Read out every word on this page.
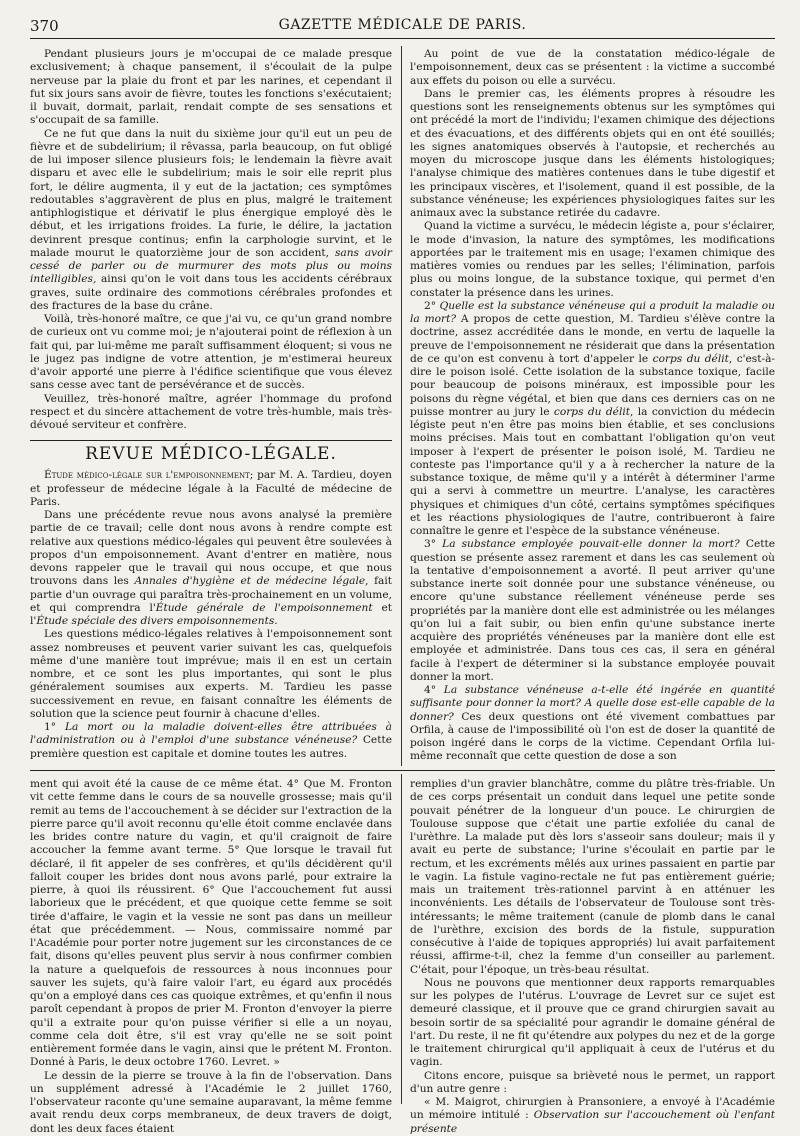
370	GAZETTE MÉDICALE DE PARIS.

Pendant plusieurs jours je m'occupai de ce malade presque exclusivement; à chaque pansement, il s'écoulait de la pulpe nerveuse par la plaie du front et par les narines, et cependant il fut six jours sans avoir de fièvre, toutes les fonctions s'exécutaient; il buvait, dormait, parlait, rendait compte de ses sensations et s'occupait de sa famille.

Ce ne fut que dans la nuit du sixième jour qu'il eut un peu de fièvre et de subdelirium; il rêvassa, parla beaucoup, on fut obligé de lui imposer silence plusieurs fois; le lendemain la fièvre avait disparu et avec elle le subdelirium; mais le soir elle reprit plus fort, le délire augmenta, il y eut de la jactation; ces symptômes redoutables s'aggravèrent de plus en plus, malgré le traitement antiphlogistique et dérivatif le plus énergique employé dès le début, et les irrigations froides. La furie, le délire, la jactation devinrent presque continus; enfin la carphologie survint, et le malade mourut le quatorzième jour de son accident, sans avoir cessé de parler ou de murmurer des mots plus ou moins intelligibles, ainsi qu'on le voit dans tous les accidents cérébraux graves, suite ordinaire des commotions cérébrales profondes et des fractures de la base du crâne.

Voilà, très-honoré maître, ce que j'ai vu, ce qu'un grand nombre de curieux ont vu comme moi; je n'ajouterai point de réflexion à un fait qui, par lui-même me paraît suffisamment éloquent; si vous ne le jugez pas indigne de votre attention, je m'estimerai heureux d'avoir apporté une pierre à l'édifice scientifique que vous élevez sans cesse avec tant de persévérance et de succès.

Veuillez, très-honoré maître, agréer l'hommage du profond respect et du sincère attachement de votre très-humble, mais très-dévoué serviteur et confrère.

REVUE MÉDICO-LÉGALE.

Étude médico-légale sur l'empoisonnement; par M. A. Tardieu, doyen et professeur de médecine légale à la Faculté de médecine de Paris.

Dans une précédente revue nous avons analysé la première partie de ce travail; celle dont nous avons à rendre compte est relative aux questions médico-légales qui peuvent être soulevées à propos d'un empoisonnement. Avant d'entrer en matière, nous devons rappeler que le travail qui nous occupe, et que nous trouvons dans les Annales d'hygiène et de médecine légale, fait partie d'un ouvrage qui paraîtra très-prochainement en un volume, et qui comprendra l'Étude générale de l'empoisonnement et l'Étude spéciale des divers empoisonnements.

Les questions médico-légales relatives à l'empoisonnement sont assez nombreuses et peuvent varier suivant les cas, quelquefois même d'une manière tout imprévue; mais il en est un certain nombre, et ce sont les plus importantes, qui sont le plus généralement soumises aux experts. M. Tardieu les passe successivement en revue, en faisant connaître les éléments de solution que la science peut fournir à chacune d'elles.

1° La mort ou la maladie doivent-elles être attribuées à l'administration ou à l'emploi d'une substance vénéneuse? Cette première question est capitale et domine toutes les autres.

Au point de vue de la constatation médico-légale de l'empoisonnement, deux cas se présentent : la victime a succombé aux effets du poison ou elle a survécu.

Dans le premier cas, les éléments propres à résoudre les questions sont les renseignements obtenus sur les symptômes qui ont précédé la mort de l'individu; l'examen chimique des déjections et des évacuations, et des différents objets qui en ont été souillés; les signes anatomiques observés à l'autopsie, et recherchés au moyen du microscope jusque dans les éléments histologiques; l'analyse chimique des matières contenues dans le tube digestif et les principaux viscères, et l'isolement, quand il est possible, de la substance vénéneuse; les expériences physiologiques faites sur les animaux avec la substance retirée du cadavre.

Quand la victime a survécu, le médecin légiste a, pour s'éclairer, le mode d'invasion, la nature des symptômes, les modifications apportées par le traitement mis en usage; l'examen chimique des matières vomies ou rendues par les selles; l'élimination, parfois plus ou moins longue, de la substance toxique, qui permet d'en constater la présence dans les urines.

2° Quelle est la substance vénéneuse qui a produit la maladie ou la mort? A propos de cette question, M. Tardieu s'élève contre la doctrine, assez accréditée dans le monde, en vertu de laquelle la preuve de l'empoisonnement ne résiderait que dans la présentation de ce qu'on est convenu à tort d'appeler le corps du délit, c'est-à-dire le poison isolé. Cette isolation de la substance toxique, facile pour beaucoup de poisons minéraux, est impossible pour les poisons du règne végétal, et bien que dans ces derniers cas on ne puisse montrer au jury le corps du délit, la conviction du médecin légiste peut n'en être pas moins bien établie, et ses conclusions moins précises. Mais tout en combattant l'obligation qu'on veut imposer à l'expert de présenter le poison isolé, M. Tardieu ne conteste pas l'importance qu'il y a à rechercher la nature de la substance toxique, de même qu'il y a intérêt à déterminer l'arme qui a servi à commettre un meurtre. L'analyse, les caractères physiques et chimiques d'un côté, certains symptômes spécifiques et les réactions physiologiques de l'autre, contribueront à faire connaître le genre et l'espèce de la substance vénéneuse.

3° La substance employée pouvait-elle donner la mort? Cette question se présente assez rarement et dans les cas seulement où la tentative d'empoisonnement a avorté. Il peut arriver qu'une substance inerte soit donnée pour une substance vénéneuse, ou encore qu'une substance réellement vénéneuse perde ses propriétés par la manière dont elle est administrée ou les mélanges qu'on lui a fait subir, ou bien enfin qu'une substance inerte acquière des propriétés vénéneuses par la manière dont elle est employée et administrée. Dans tous ces cas, il sera en général facile à l'expert de déterminer si la substance employée pouvait donner la mort.

4° La substance vénéneuse a-t-elle été ingérée en quantité suffisante pour donner la mort? A quelle dose est-elle capable de la donner? Ces deux questions ont été vivement combattues par Orfila, à cause de l'impossibilité où l'on est de doser la quantité de poison ingéré dans le corps de la victime. Cependant Orfila lui-même reconnaît que cette question de dose a son

ment qui avoit été la cause de ce même état. 4° Que M. Fronton vit cette femme dans le cours de sa nouvelle grossesse; mais qu'il remit au tems de l'accouchement à se décider sur l'extraction de la pierre parce qu'il avoit reconnu qu'elle étoit comme enclavée dans les brides contre nature du vagin, et qu'il craignoit de faire accoucher la femme avant terme. 5° Que lorsque le travail fut déclaré, il fit appeler de ses confrères, et qu'ils décidèrent qu'il falloit couper les brides dont nous avons parlé, pour extraire la pierre, à quoi ils réussirent. 6° Que l'accouchement fut aussi laborieux que le précédent, et que quoique cette femme se soit tirée d'affaire, le vagin et la vessie ne sont pas dans un meilleur état que précédemment. — Nous, commissaire nommé par l'Académie pour porter notre jugement sur les circonstances de ce fait, disons qu'elles peuvent plus servir à nous confirmer combien la nature a quelquefois de ressources à nous inconnues pour sauver les sujets, qu'à faire valoir l'art, eu égard aux procédés qu'on a employé dans ces cas quoique extrêmes, et qu'enfin il nous paroît cependant à propos de prier M. Fronton d'envoyer la pierre qu'il a extraite pour qu'on puisse vérifier si elle a un noyau, comme cela doit être, s'il est vray qu'elle ne se soit point entièrement formée dans le vagin, ainsi que le prétent M. Fronton. Donné à Paris, le deux octobre 1760. Levret. »

Le dessin de la pierre se trouve à la fin de l'observation. Dans un supplément adressé à l'Académie le 2 juillet 1760, l'observateur raconte qu'une semaine auparavant, la même femme avait rendu deux corps membraneux, de deux travers de doigt, dont les deux faces étaient

remplies d'un gravier blanchâtre, comme du plâtre très-friable. Un de ces corps présentait un conduit dans lequel une petite sonde pouvait pénétrer de la longueur d'un pouce. Le chirurgien de Toulouse suppose que c'était une partie exfoliée du canal de l'urèthre. La malade put dès lors s'asseoir sans douleur; mais il y avait eu perte de substance; l'urine s'écoulait en partie par le rectum, et les excréments mêlés aux urines passaient en partie par le vagin. La fistule vagino-rectale ne fut pas entièrement guérie; mais un traitement très-rationnel parvint à en atténuer les inconvénients. Les détails de l'observateur de Toulouse sont très-intéressants; le même traitement (canule de plomb dans le canal de l'urèthre, excision des bords de la fistule, suppuration consécutive à l'aide de topiques appropriés) lui avait parfaitement réussi, affirme-t-il, chez la femme d'un conseiller au parlement. C'était, pour l'époque, un très-beau résultat.

Nous ne pouvons que mentionner deux rapports remarquables sur les polypes de l'utérus. L'ouvrage de Levret sur ce sujet est demeuré classique, et il prouve que ce grand chirurgien savait au besoin sortir de sa spécialité pour agrandir le domaine général de l'art. Du reste, il ne fit qu'étendre aux polypes du nez et de la gorge le traitement chirurgical qu'il appliquait à ceux de l'utérus et du vagin.

Citons encore, puisque sa brièveté nous le permet, un rapport d'un autre genre :

« M. Maigrot, chirurgien à Pransoniere, a envoyé à l'Académie un mémoire intitulé : Observation sur l'accouchement où l'enfant présente
